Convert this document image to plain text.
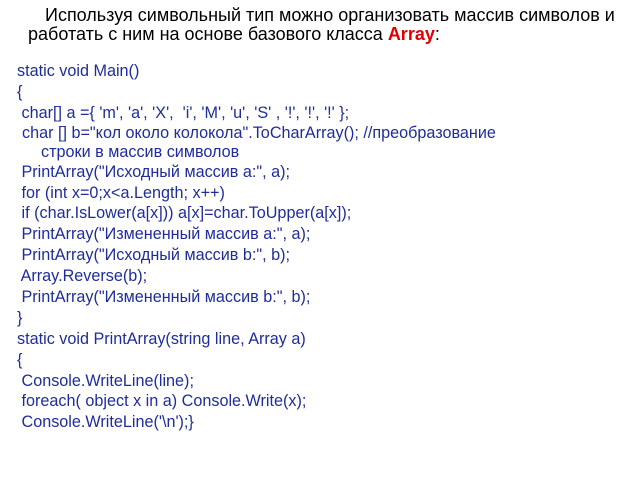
Используя символьный тип можно организовать массив символов и работать с ним на основе базового класса Array:
static void Main()
{
char[] a ={ 'm', 'a', 'X',  'i', 'M', 'u', 'S' , '!', '!', '!' };
char [] b="кол около колокола".ToCharArray(); //преобразование
строки в массив символов
PrintArray("Исходный массив a:", a);
for (int x=0;x<a.Length; x++)
if (char.IsLower(a[x])) a[x]=char.ToUpper(a[x]);
PrintArray("Измененный массив a:", a);
PrintArray("Исходный массив b:", b);
Array.Reverse(b);
PrintArray("Измененный массив b:", b);
}
static void PrintArray(string line, Array a)
{
Console.WriteLine(line);
foreach( object x in a) Console.Write(x);
Console.WriteLine('\n');}
